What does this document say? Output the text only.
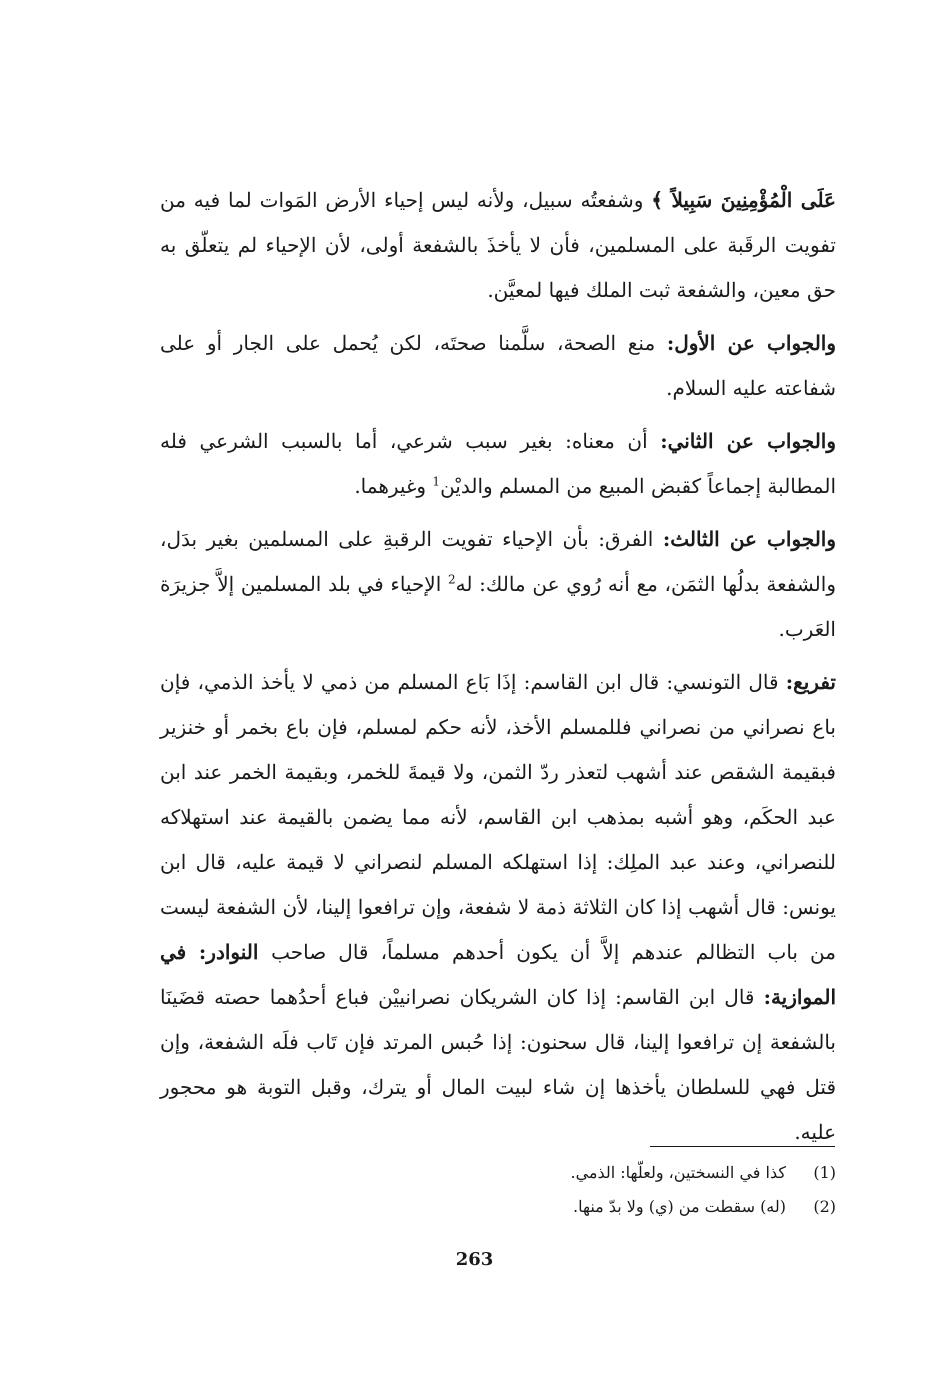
عَلَى الْمُؤْمِنِينَ سَبِيلاً ﴾ وشفعتُه سبيل، ولأنه ليس إحياء الأرض المَوات لما فيه من تفويت الرقَبة على المسلمين، فأن لا يأخذَ بالشفعة أولى، لأن الإحياء لم يتعلّق به حق معين، والشفعة ثبت الملك فيها لمعيَّن.

والجواب عن الأول: منع الصحة، سلَّمنا صحتَه، لكن يُحمل على الجار أو على شفاعته عليه السلام.

والجواب عن الثاني: أن معناه: بغير سبب شرعي، أما بالسبب الشرعي فله المطالبة إجماعاً كقبض المبيع من المسلم والديْن$^1$ وغيرهما.

والجواب عن الثالث: الفرق: بأن الإحياء تفويت الرقبةِ على المسلمين بغير بدَل، والشفعة بدلُها الثمَن، مع أنه رُوي عن مالك: له$^2$ الإحياء في بلد المسلمين إلاَّ جزيرَة العَرب.

تفريع: قال التونسي: قال ابن القاسم: إذَا بَاع المسلم من ذمي لا يأخذ الذمي، فإن باع نصراني من نصراني فللمسلم الأخذ، لأنه حكم لمسلم، فإن باع بخمر أو خنزير فبقيمة الشقص عند أشهب لتعذر ردّ الثمن، ولا قيمةَ للخمر، وبقيمة الخمر عند ابن عبد الحكَم، وهو أشبه بمذهب ابن القاسم، لأنه مما يضمن بالقيمة عند استهلاكه للنصراني، وعند عبد الملِك: إذا استهلكه المسلم لنصراني لا قيمة عليه، قال ابن يونس: قال أشهب إذا كان الثلاثة ذمة لا شفعة، وإن ترافعوا إلينا، لأن الشفعة ليست من باب التظالم عندهم إلاَّ أن يكون أحدهم مسلماً، قال صاحب النوادر: في الموازية: قال ابن القاسم: إذا كان الشريكان نصرانييْن فباع أحدُهما حصته قضَينَا بالشفعة إن ترافعوا إلينا، قال سحنون: إذا حُبس المرتد فإن تَاب فلَه الشفعة، وإن قتل فهي للسلطان يأخذها إن شاء لبيت المال أو يترك، وقبل التوبة هو محجور عليه.

(1)
كذا في النسختين، ولعلّها: الذمي.
(2)
(له) سقطت من (ي) ولا بدّ منها.
263
